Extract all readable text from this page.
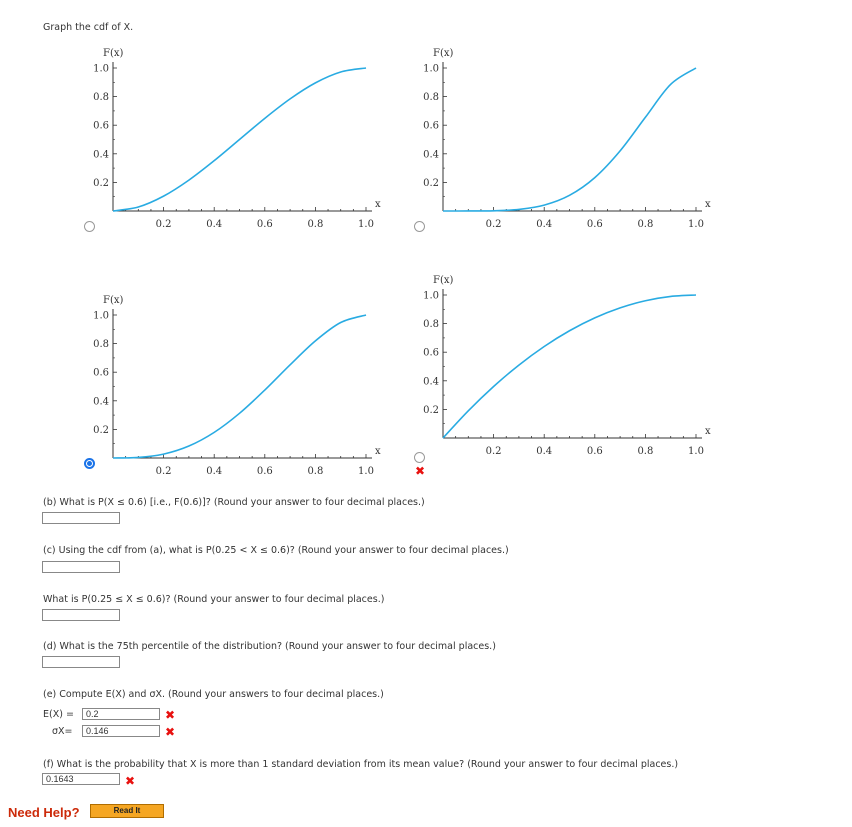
Graph the cdf of X.
0.2
0.4
0.6
0.8
1.0
0.2	0.4	0.6	0.8	1.0
F(x)
x
0.2
0.4
0.6
0.8
1.0
0.2	0.4	0.6	0.8	1.0
F(x)
x
0.2
0.4
0.6
0.8
1.0
0.2	0.4	0.6	0.8	1.0
F(x)
x
0.2
0.4
0.6
0.8
1.0
0.2	0.4	0.6	0.8	1.0
F(x)
x
✖
(b) What is P(X ≤ 0.6) [i.e., F(0.6)]? (Round your answer to four decimal places.)
(c) Using the cdf from (a), what is P(0.25 < X ≤ 0.6)? (Round your answer to four decimal places.)
What is P(0.25 ≤ X ≤ 0.6)? (Round your answer to four decimal places.)
(d) What is the 75th percentile of the distribution? (Round your answer to four decimal places.)
(e) Compute E(X) and σX. (Round your answers to four decimal places.)
E(X) =	0.2	✖
σX=	0.146	✖
(f) What is the probability that X is more than 1 standard deviation from its mean value? (Round your answer to four decimal places.)
0.1643	✖
Need Help?	Read It
